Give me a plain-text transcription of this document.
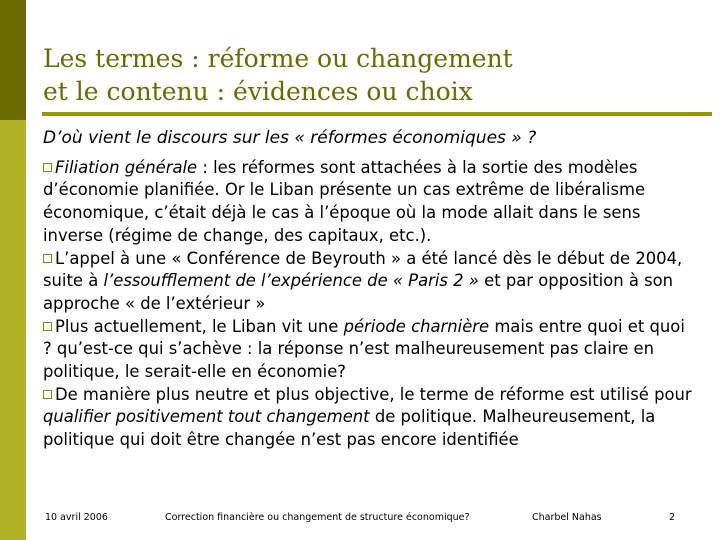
Les termes : réforme ou changement
et le contenu : évidences ou choix

D’où vient le discours sur les « réformes économiques » ?

Filiation générale : les réformes sont attachées à la sortie des modèles d’économie planifiée. Or le Liban présente un cas extrême de libéralisme économique, c’était déjà le cas à l’époque où la mode allait dans le sens inverse (régime de change, des capitaux, etc.).

L’appel à une « Conférence de Beyrouth » a été lancé dès le début de 2004, suite à l’essoufflement de l’expérience de « Paris 2 » et par opposition à son approche « de l’extérieur »

Plus actuellement, le Liban vit une période charnière mais entre quoi et quoi ? qu’est-ce qui s’achève : la réponse n’est malheureusement pas claire en politique, le serait-elle en économie?

De manière plus neutre et plus objective, le terme de réforme est utilisé pour qualifier positivement tout changement de politique. Malheureusement, la politique qui doit être changée n’est pas encore identifiée

10 avril 2006	Correction financière ou changement de structure économique?	Charbel Nahas	2
